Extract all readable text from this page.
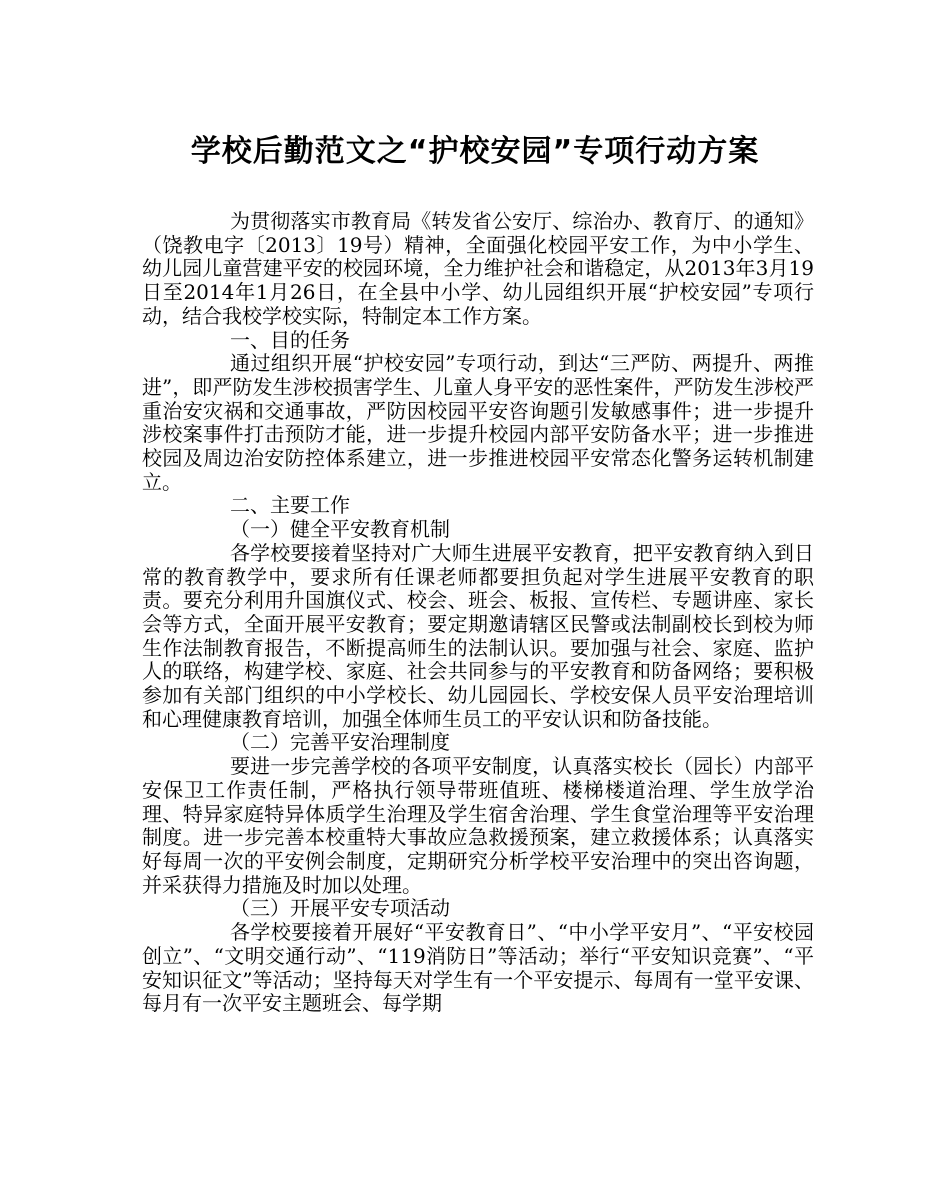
学校后勤范文之“护校安园”专项行动方案

为贯彻落实市教育局《转发省公安厅、综治办、教育厅、的通知》（饶教电字〔2013〕19号）精神，全面强化校园平安工作，为中小学生、幼儿园儿童营建平安的校园环境，全力维护社会和谐稳定，从2013年3月19日至2014年1月26日，在全县中小学、幼儿园组织开展“护校安园”专项行动，结合我校学校实际，特制定本工作方案。

一、目的任务

通过组织开展“护校安园”专项行动，到达“三严防、两提升、两推进”，即严防发生涉校损害学生、儿童人身平安的恶性案件，严防发生涉校严重治安灾祸和交通事故，严防因校园平安咨询题引发敏感事件；进一步提升涉校案事件打击预防才能，进一步提升校园内部平安防备水平；进一步推进校园及周边治安防控体系建立，进一步推进校园平安常态化警务运转机制建立。

二、主要工作

（一）健全平安教育机制

各学校要接着坚持对广大师生进展平安教育，把平安教育纳入到日常的教育教学中，要求所有任课老师都要担负起对学生进展平安教育的职责。要充分利用升国旗仪式、校会、班会、板报、宣传栏、专题讲座、家长会等方式，全面开展平安教育；要定期邀请辖区民警或法制副校长到校为师生作法制教育报告，不断提高师生的法制认识。要加强与社会、家庭、监护人的联络，构建学校、家庭、社会共同参与的平安教育和防备网络；要积极参加有关部门组织的中小学校长、幼儿园园长、学校安保人员平安治理培训和心理健康教育培训，加强全体师生员工的平安认识和防备技能。

（二）完善平安治理制度

要进一步完善学校的各项平安制度，认真落实校长（园长）内部平安保卫工作责任制，严格执行领导带班值班、楼梯楼道治理、学生放学治理、特异家庭特异体质学生治理及学生宿舍治理、学生食堂治理等平安治理制度。进一步完善本校重特大事故应急救援预案，建立救援体系；认真落实好每周一次的平安例会制度，定期研究分析学校平安治理中的突出咨询题，并采获得力措施及时加以处理。

（三）开展平安专项活动

各学校要接着开展好“平安教育日”、“中小学平安月”、“平安校园创立”、“文明交通行动”、“119消防日”等活动；举行“平安知识竞赛”、“平安知识征文”等活动；坚持每天对学生有一个平安提示、每周有一堂平安课、每月有一次平安主题班会、每学期
